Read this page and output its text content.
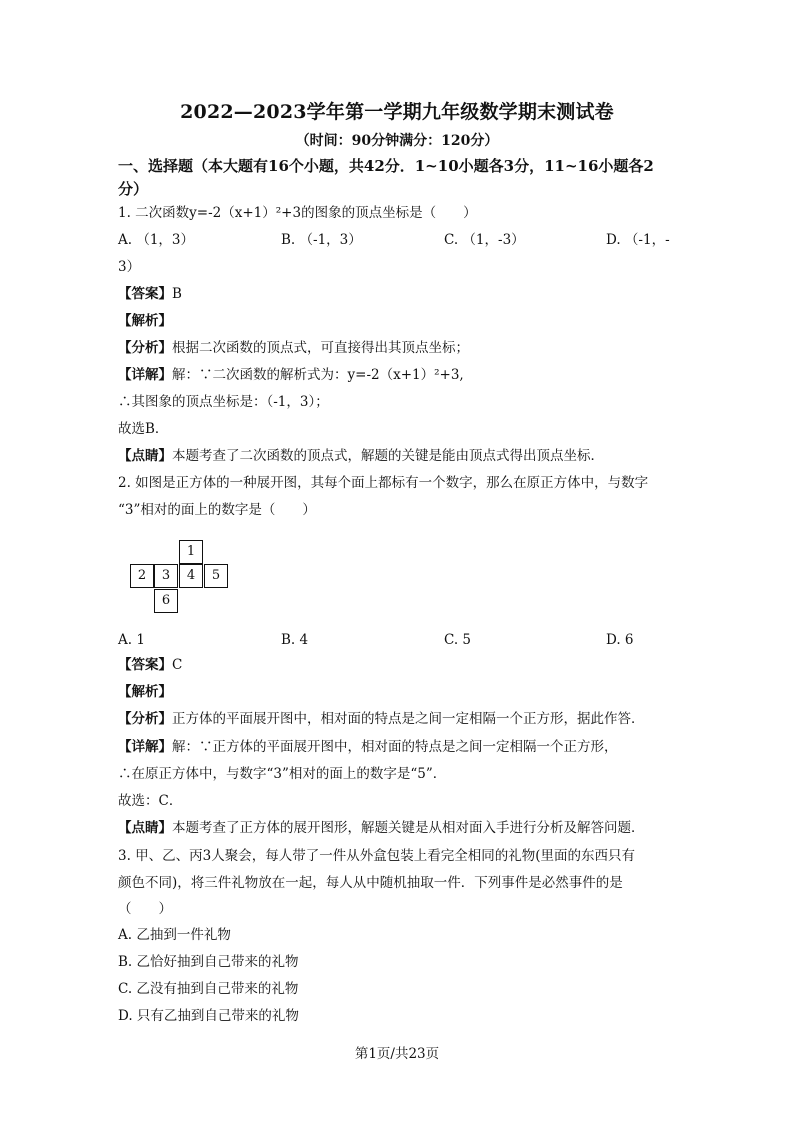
2022—2023学年第一学期九年级数学期末测试卷
（时间：90分钟满分：120分）
一、选择题（本大题有16个小题，共42分．1~10小题各3分，11~16小题各2
分）
1. 二次函数y=-2（x+1）²+3的图象的顶点坐标是（　　）
A. （1，3）	B. （-1，3）	C. （1，-3）	D. （-1，-
3）
【答案】B
【解析】
【分析】根据二次函数的顶点式，可直接得出其顶点坐标；
【详解】解：∵二次函数的解析式为：y=-2（x+1）²+3,
∴其图象的顶点坐标是：（-1，3）；
故选B．
【点睛】本题考查了二次函数的顶点式，解题的关键是能由顶点式得出顶点坐标．
2. 如图是正方体的一种展开图，其每个面上都标有一个数字，那么在原正方体中，与数字
“3”相对的面上的数字是（　　）
1
2	3	4	5
6
A. 1	B. 4	C. 5	D. 6
【答案】C
【解析】
【分析】正方体的平面展开图中，相对面的特点是之间一定相隔一个正方形，据此作答．
【详解】解：∵正方体的平面展开图中，相对面的特点是之间一定相隔一个正方形，
∴在原正方体中，与数字“3”相对的面上的数字是“5”．
故选：C．
【点睛】本题考查了正方体的展开图形，解题关键是从相对面入手进行分析及解答问题．
3. 甲、乙、丙3人聚会，每人带了一件从外盒包装上看完全相同的礼物(里面的东西只有
颜色不同)，将三件礼物放在一起，每人从中随机抽取一件．下列事件是必然事件的是
（　　）
A. 乙抽到一件礼物
B. 乙恰好抽到自己带来的礼物
C. 乙没有抽到自己带来的礼物
D. 只有乙抽到自己带来的礼物
第1页/共23页
